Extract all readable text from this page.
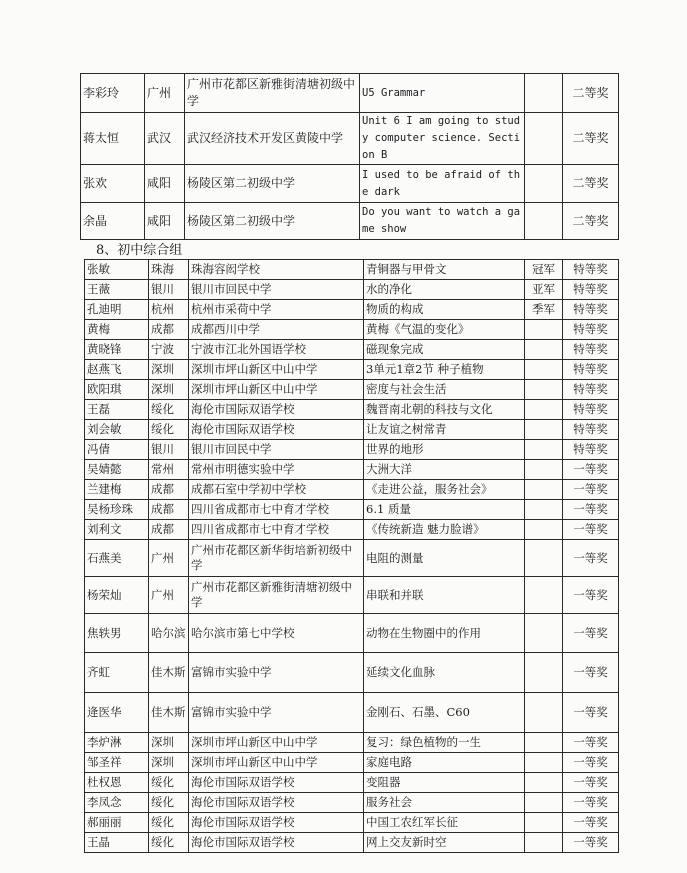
李彩玲	广州	广州市花都区新雅街清塘初级中学	U5 Grammar		二等奖
蒋太恒	武汉	武汉经济技术开发区黄陵中学	Unit 6 I am going to study computer science. Section B		二等奖
张欢	咸阳	杨陵区第二初级中学	I used to be afraid of the dark		二等奖
余晶	咸阳	杨陵区第二初级中学	Do you want to watch a game show		二等奖
8、初中综合组
张敏	珠海	珠海容闳学校	青铜器与甲骨文	冠军	特等奖
王薇	银川	银川市回民中学	水的净化	亚军	特等奖
孔迪明	杭州	杭州市采荷中学	物质的构成	季军	特等奖
黄梅	成都	成都西川中学	黄梅《气温的变化》		特等奖
黄晓锋	宁波	宁波市江北外国语学校	磁现象完成		特等奖
赵燕飞	深圳	深圳市坪山新区中山中学	3单元1章2节 种子植物		特等奖
欧阳琪	深圳	深圳市坪山新区中山中学	密度与社会生活		特等奖
王磊	绥化	海伦市国际双语学校	魏晋南北朝的科技与文化		特等奖
刘会敏	绥化	海伦市国际双语学校	让友谊之树常青		特等奖
冯倩	银川	银川市回民中学	世界的地形		特等奖
吴婧懿	常州	常州市明德实验中学	大洲大洋		一等奖
兰建梅	成都	成都石室中学初中学校	《走进公益，服务社会》		一等奖
吴杨珍珠	成都	四川省成都市七中育才学校	6.1 质量		一等奖
刘利文	成都	四川省成都市七中育才学校	《传统新造 魅力脸谱》		一等奖
石燕美	广州	广州市花都区新华街培新初级中学	电阻的测量		一等奖
杨荣灿	广州	广州市花都区新雅街清塘初级中学	串联和并联		一等奖
焦轶男	哈尔滨	哈尔滨市第七中学校	动物在生物圈中的作用		一等奖
齐虹	佳木斯	富锦市实验中学	延续文化血脉		一等奖
逄医华	佳木斯	富锦市实验中学	金刚石、石墨、C60		一等奖
李炉淋	深圳	深圳市坪山新区中山中学	复习：绿色植物的一生		一等奖
邹圣祥	深圳	深圳市坪山新区中山中学	家庭电路		一等奖
杜权恩	绥化	海伦市国际双语学校	变阻器		一等奖
李凤念	绥化	海伦市国际双语学校	服务社会		一等奖
郝丽丽	绥化	海伦市国际双语学校	中国工农红军长征		一等奖
王晶	绥化	海伦市国际双语学校	网上交友新时空		一等奖
